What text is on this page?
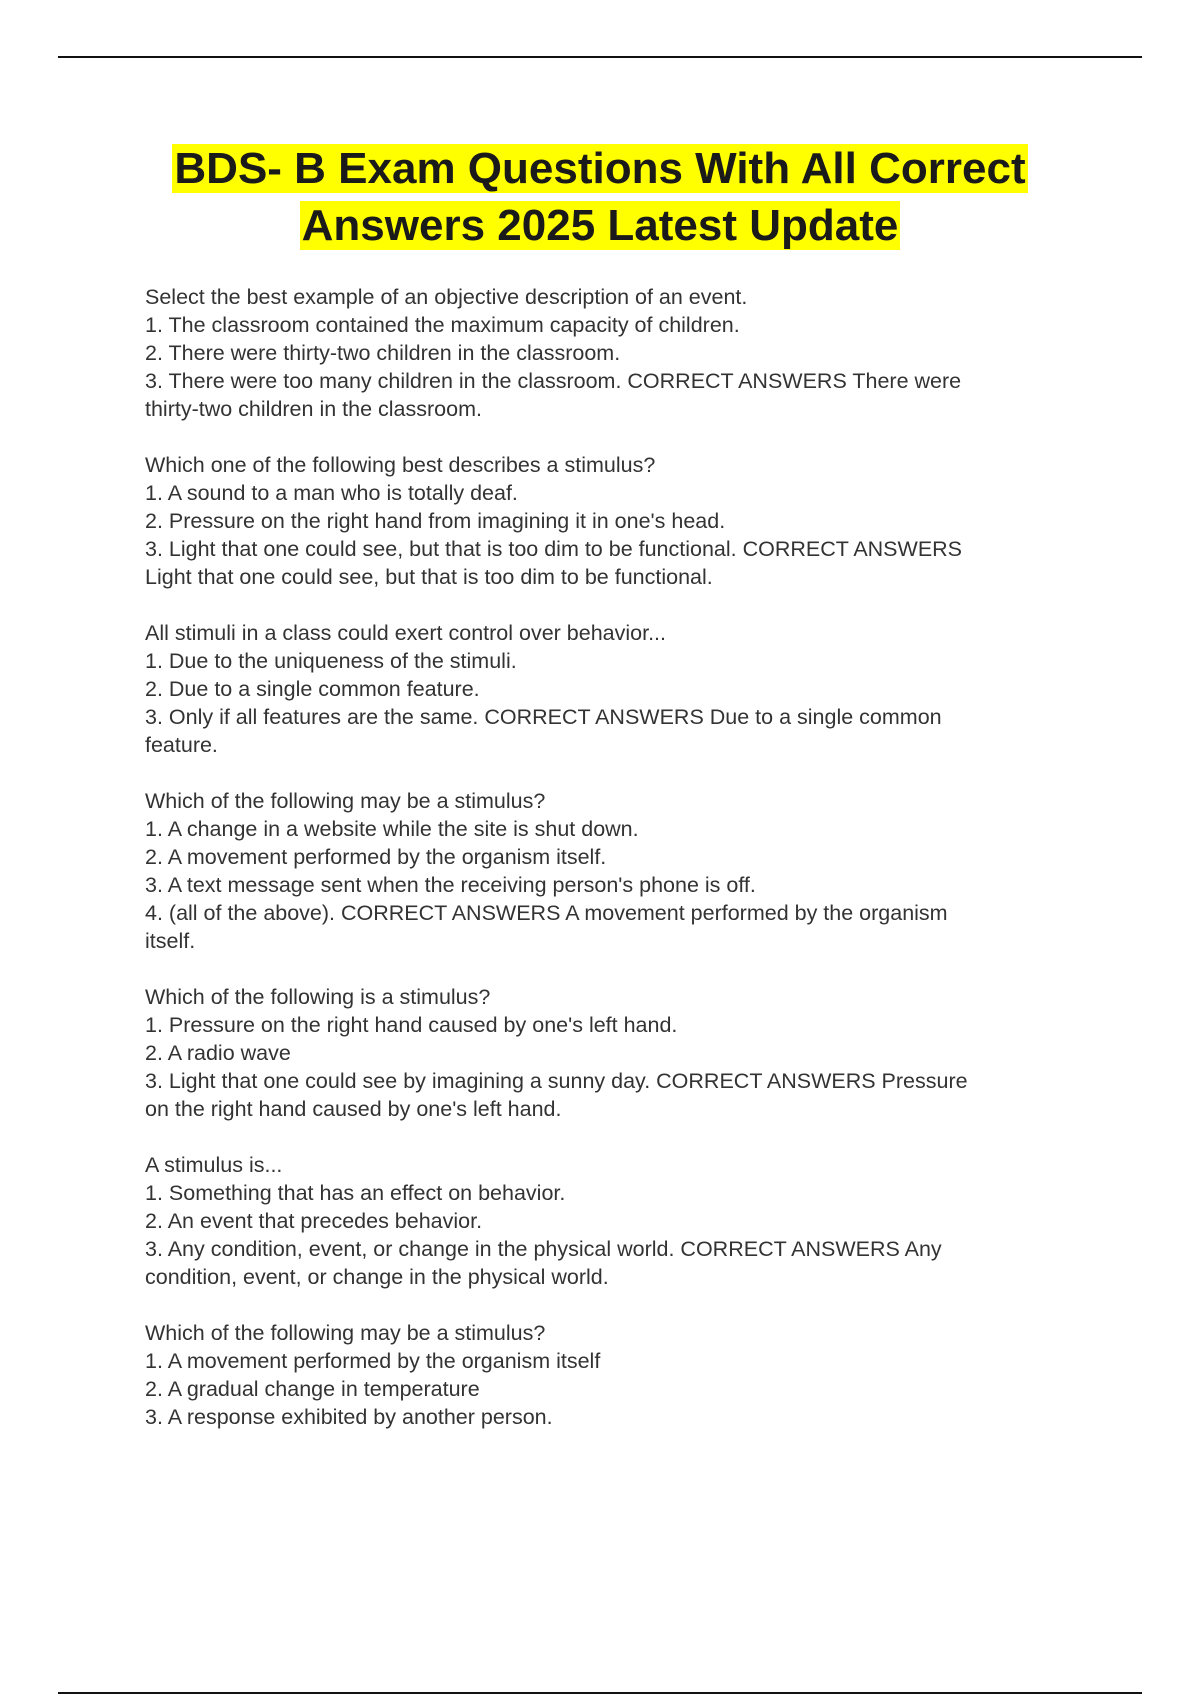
BDS- B Exam Questions With All Correct
Answers 2025 Latest Update

Select the best example of an objective description of an event.

1. The classroom contained the maximum capacity of children.

2. There were thirty-two children in the classroom.

3. There were too many children in the classroom. CORRECT ANSWERS There were

thirty-two children in the classroom.

Which one of the following best describes a stimulus?

1. A sound to a man who is totally deaf.

2. Pressure on the right hand from imagining it in one's head.

3. Light that one could see, but that is too dim to be functional. CORRECT ANSWERS

Light that one could see, but that is too dim to be functional.

All stimuli in a class could exert control over behavior...

1. Due to the uniqueness of the stimuli.

2. Due to a single common feature.

3. Only if all features are the same. CORRECT ANSWERS Due to a single common

feature.

Which of the following may be a stimulus?

1. A change in a website while the site is shut down.

2. A movement performed by the organism itself.

3. A text message sent when the receiving person's phone is off.

4. (all of the above). CORRECT ANSWERS A movement performed by the organism

itself.

Which of the following is a stimulus?

1. Pressure on the right hand caused by one's left hand.

2. A radio wave

3. Light that one could see by imagining a sunny day. CORRECT ANSWERS Pressure

on the right hand caused by one's left hand.

A stimulus is...

1. Something that has an effect on behavior.

2. An event that precedes behavior.

3. Any condition, event, or change in the physical world. CORRECT ANSWERS Any

condition, event, or change in the physical world.

Which of the following may be a stimulus?

1. A movement performed by the organism itself

2. A gradual change in temperature

3. A response exhibited by another person.
